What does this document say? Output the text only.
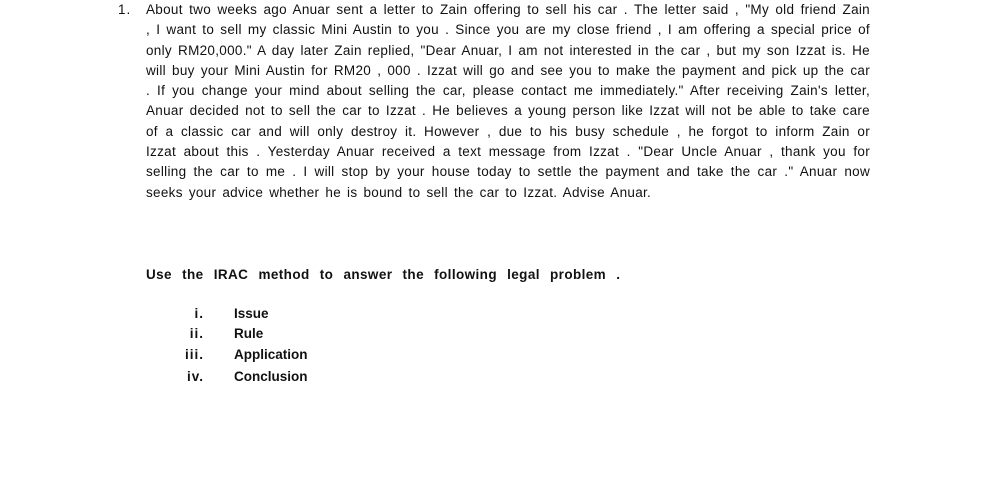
1. About two weeks ago Anuar sent a letter to Zain offering to sell his car . The letter said , "My old friend Zain , I want to sell my classic Mini Austin to you . Since you are my close friend , I am offering a special price of only RM20,000." A day later Zain replied, "Dear Anuar, I am not interested in the car , but my son Izzat is. He will buy your Mini Austin for RM20 , 000 . Izzat will go and see you to make the payment and pick up the car . If you change your mind about selling the car, please contact me immediately." After receiving Zain's letter, Anuar decided not to sell the car to Izzat . He believes a young person like Izzat will not be able to take care of a classic car and will only destroy it. However , due to his busy schedule , he forgot to inform Zain or Izzat about this . Yesterday Anuar received a text message from Izzat . "Dear Uncle Anuar , thank you for selling the car to me . I will stop by your house today to settle the payment and take the car ." Anuar now seeks your advice whether he is bound to sell the car to Izzat. Advise Anuar.
Use the IRAC method to answer the following legal problem .
i. Issue
ii. Rule
iii. Application
iv. Conclusion
